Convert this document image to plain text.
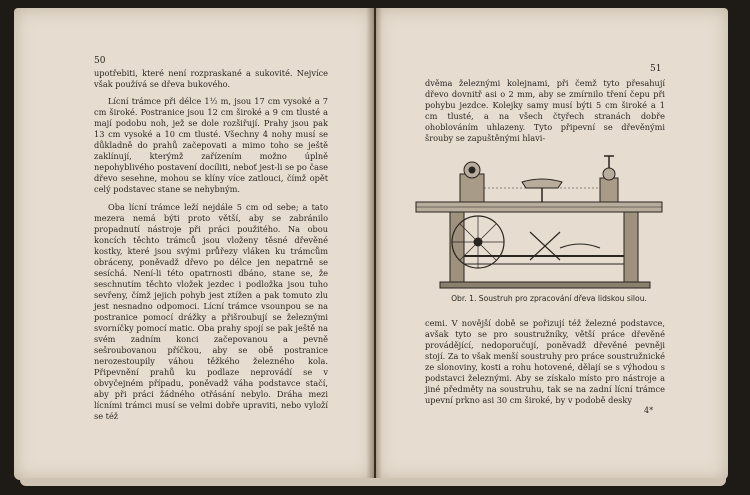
50

upotřebiti, které není rozpraskané a sukovité. Nejvíce však používá se dřeva bukového.

Lícní trámce při délce 1½ m, jsou 17 cm vysoké a 7 cm široké. Postranice jsou 12 cm široké a 9 cm tlusté a mají podobu noh, jež se dole rozšiřují. Prahy jsou pak 13 cm vysoké a 10 cm tlusté. Všechny 4 nohy musí se důkladně do prahů začepovati a mimo toho se ještě zaklínují, kterýmž zařízením možno úplně nepohyblivého postavení docíliti, neboť jest-li se po čase dřevo sesehne, mohou se klíny více zatlouci, čímž opět celý podstavec stane se nehybným.

Oba lícní trámce leží nejdále 5 cm od sebe; a tato mezera nemá býti proto větší, aby se zabránilo propadnutí nástroje při práci použitého. Na obou koncích těchto trámců jsou vloženy těsné dřevěné kostky, které jsou svými průřezy vláken ku trámcům obráceny, poněvadž dřevo po délce jen nepatrně se sesíchá. Není-li této opatrnosti dbáno, stane se, že seschnutím těchto vložek jezdec i podložka jsou tuho sevřeny, čímž jejich pohyb jest ztížen a pak tomuto zlu jest nesnadno odpomoci. Lícní trámce vsounpou se na postranice pomocí drážky a přišroubují se železnými svorníčky pomocí matic. Oba prahy spojí se pak ještě na svém zadním konci začepovanou a pevně sešroubovanou příčkou, aby se obě postranice nerozestoupily váhou těžkého železného kola. Připevnění prahů ku podlaze neprovádí se v obvyčejném případu, poněvadž váha podstavce stačí, aby při práci žádného otřásání nebylo. Dráha mezi lícními trámci musí se velmi dobře upraviti, nebo vyloží se též

51
dvěma železnými kolejnami, při čemž tyto přesahují dřevo dovnitř asi o 2 mm, aby se zmírnilo tření čepu při pohybu jezdce. Kolejky samy musí býti 5 cm široké a 1 cm tlusté, a na všech čtyřech stranách dobře ohoblováním uhlazeny. Tyto připevní se dřevěnými šrouby se zapuštěnými hlavi-
Obr. 1. Soustruh pro zpracování dřeva lidskou silou.
cemi. V novější době se pořizují též železné podstavce, avšak tyto se pro soustružníky, větší práce dřevěné provádějící, nedoporučují, poněvadž dřevěné pevněji stojí. Za to však menší soustruhy pro práce soustružnické ze slonoviny, kosti a rohu hotovené, dělají se s výhodou s podstavci železnými. Aby se získalo místo pro nástroje a jiné předměty na soustruhu, tak se na zadní lícní trámce upevní prkno asi 30 cm široké, by v podobě desky
4*
